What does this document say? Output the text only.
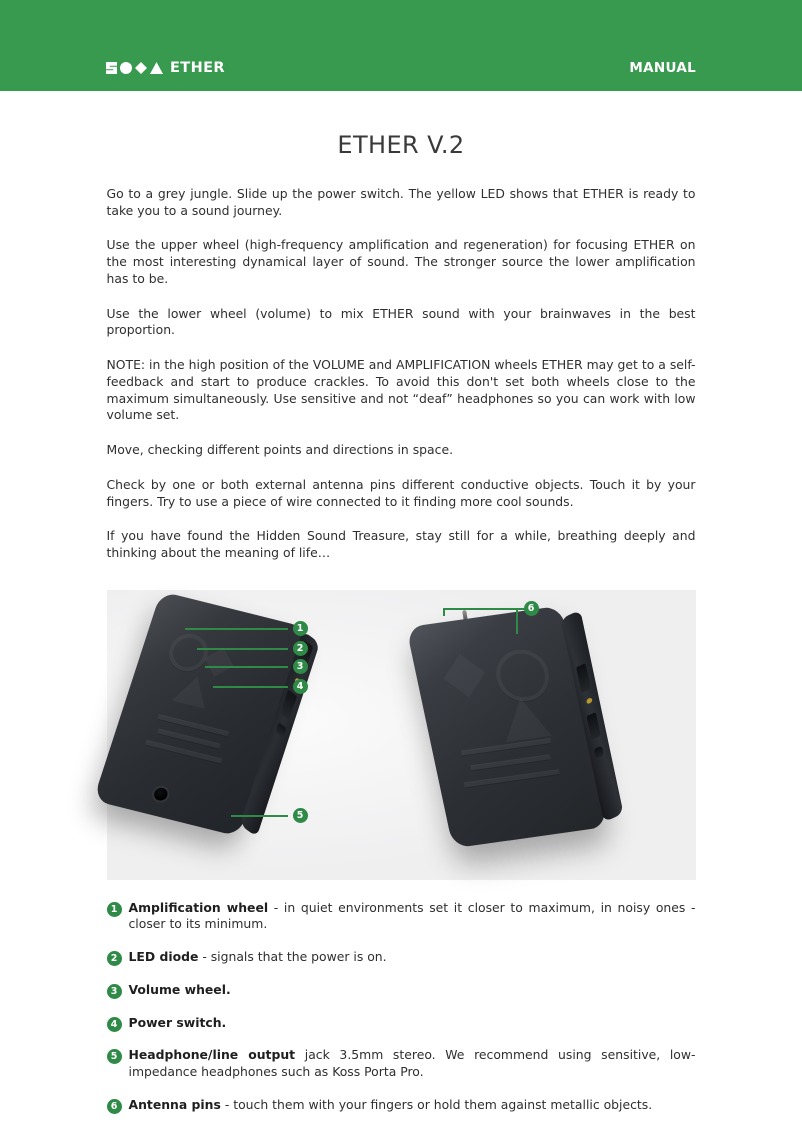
ETHER	MANUAL
ETHER V.2

Go to a grey jungle. Slide up the power switch. The yellow LED shows that ETHER is ready to take you to a sound journey.

Use the upper wheel (high-frequency amplification and regeneration) for focusing ETHER on the most interesting dynamical layer of sound. The stronger source the lower amplification has to be.

Use the lower wheel (volume) to mix ETHER sound with your brainwaves in the best proportion.

NOTE: in the high position of the VOLUME and AMPLIFICATION wheels ETHER may get to a self-feedback and start to produce crackles. To avoid this don't set both wheels close to the maximum simultaneously. Use sensitive and not “deaf” headphones so you can work with low volume set.

Move, checking different points and directions in space.

Check by one or both external antenna pins different conductive objects. Touch it by your fingers. Try to use a piece of wire connected to it finding more cool sounds.

If you have found the Hidden Sound Treasure, stay still for a while, breathing deeply and thinking about the meaning of life…

1
2
3
4
5
6
1 Amplification wheel - in quiet environments set it closer to maximum, in noisy ones - closer to its minimum.
2 LED diode - signals that the power is on.
3 Volume wheel.
4 Power switch.
5 Headphone/line output jack 3.5mm stereo. We recommend using sensitive, low-impedance headphones such as Koss Porta Pro.
6 Antenna pins - touch them with your fingers or hold them against metallic objects.
